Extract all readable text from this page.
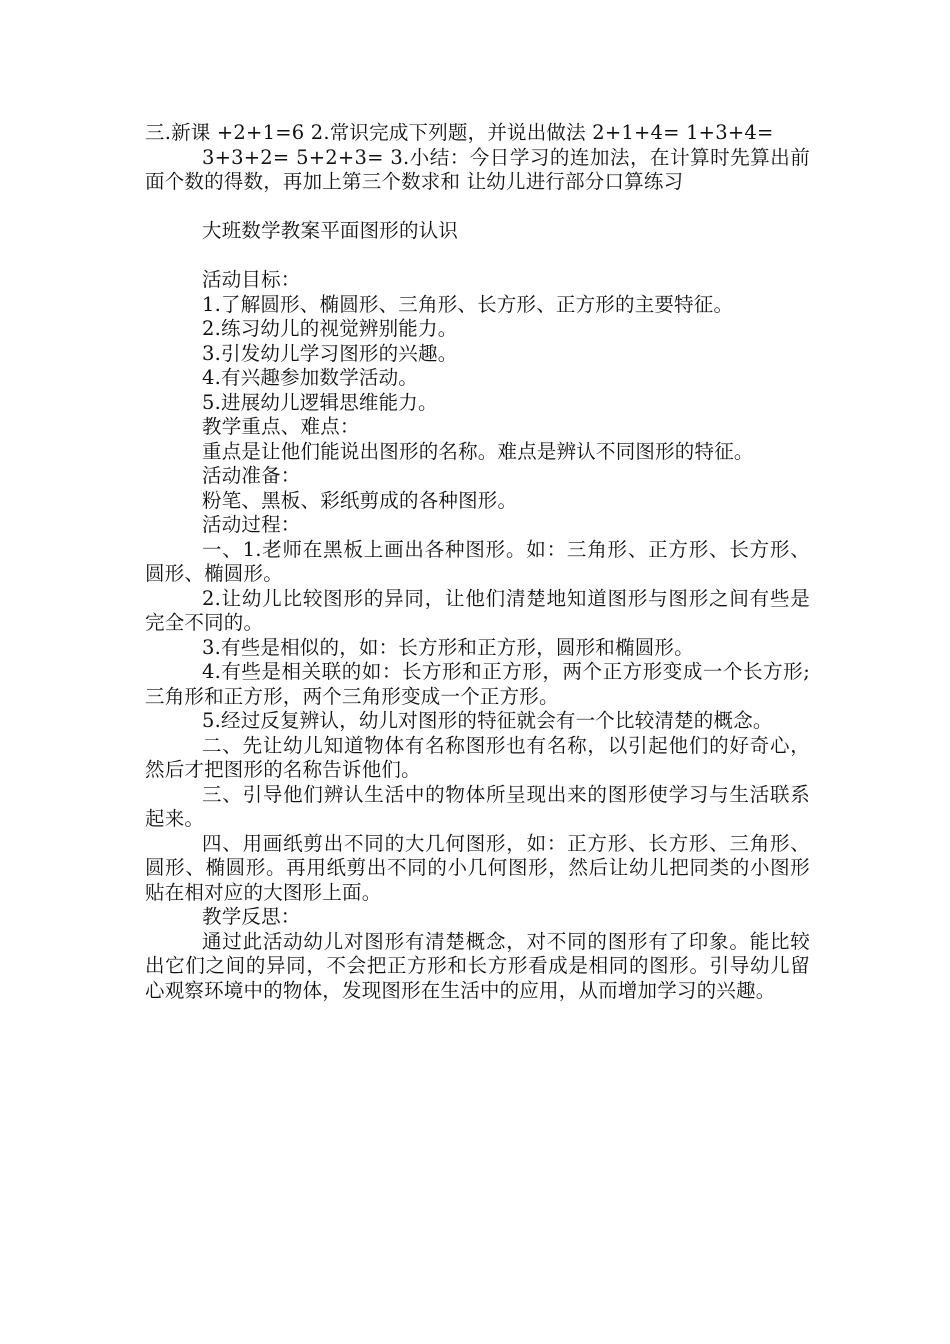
三.新课 +2+1=6 2.常识完成下列题，并说出做法 2+1+4= 1+3+4=

3+3+2= 5+2+3= 3.小结：今日学习的连加法，在计算时先算出前面个数的得数，再加上第三个数求和 让幼儿进行部分口算练习

大班数学教案平面图形的认识

活动目标：

1.了解圆形、椭圆形、三角形、长方形、正方形的主要特征。

2.练习幼儿的视觉辨别能力。

3.引发幼儿学习图形的兴趣。

4.有兴趣参加数学活动。

5.进展幼儿逻辑思维能力。

教学重点、难点：

重点是让他们能说出图形的名称。难点是辨认不同图形的特征。

活动准备：

粉笔、黑板、彩纸剪成的各种图形。

活动过程：

一、1.老师在黑板上画出各种图形。如：三角形、正方形、长方形、圆形、椭圆形。

2.让幼儿比较图形的异同，让他们清楚地知道图形与图形之间有些是完全不同的。

3.有些是相似的，如：长方形和正方形，圆形和椭圆形。

4.有些是相关联的如：长方形和正方形，两个正方形变成一个长方形;三角形和正方形，两个三角形变成一个正方形。

5.经过反复辨认，幼儿对图形的特征就会有一个比较清楚的概念。

二、先让幼儿知道物体有名称图形也有名称，以引起他们的好奇心，然后才把图形的名称告诉他们。

三、引导他们辨认生活中的物体所呈现出来的图形使学习与生活联系起来。

四、用画纸剪出不同的大几何图形，如：正方形、长方形、三角形、圆形、椭圆形。再用纸剪出不同的小几何图形，然后让幼儿把同类的小图形贴在相对应的大图形上面。

教学反思：

通过此活动幼儿对图形有清楚概念，对不同的图形有了印象。能比较出它们之间的异同，不会把正方形和长方形看成是相同的图形。引导幼儿留心观察环境中的物体，发现图形在生活中的应用，从而增加学习的兴趣。
